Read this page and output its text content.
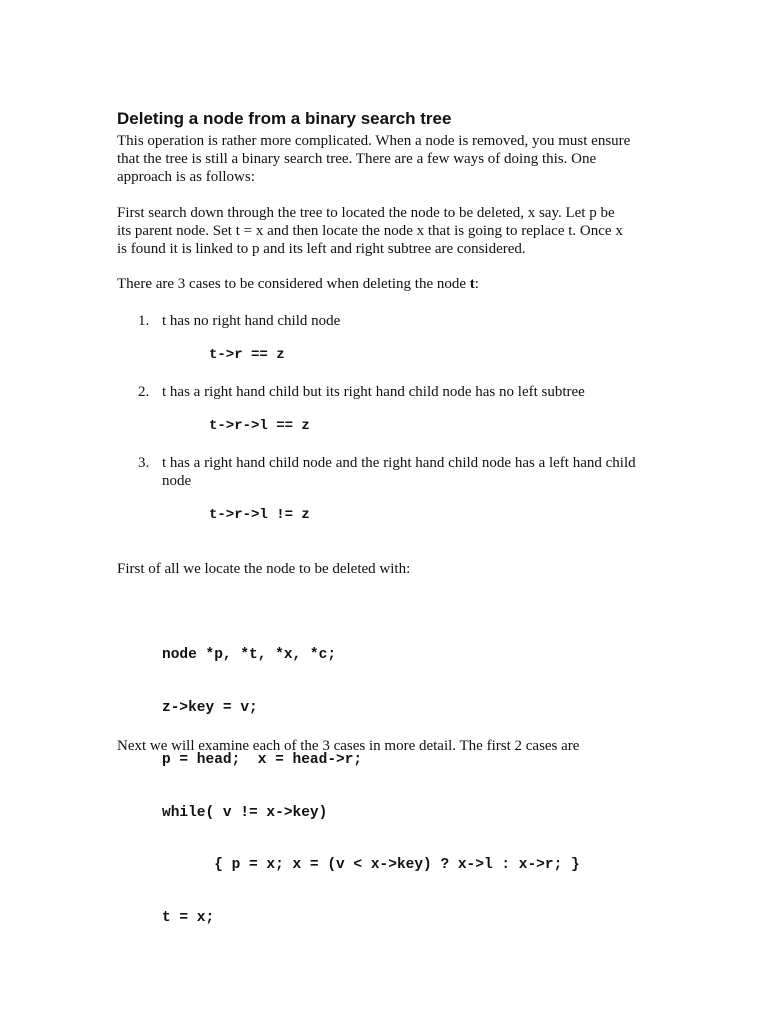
Deleting a node from a binary search tree
This operation is rather more complicated. When a node is removed, you must ensure
that the tree is still a binary search tree. There are a few ways of doing this. One
approach is as follows:
First search down through the tree to located the node to be deleted, x say. Let p be
its parent node. Set t = x and then locate the node x that is going to replace t. Once x
is found it is linked to p and its left and right subtree are considered.
There are 3 cases to be considered when deleting the node t:
1. t has no right hand child node
t->r == z
2. t has a right hand child but its right hand child node has no left subtree
t->r->l == z
3. t has a right hand child node and the right hand child node has a left hand child
node
t->r->l != z
First of all we locate the node to be deleted with:

node *p, *t, *x, *c;

z->key = v;

p = head;  x = head->r;

while( v != x->key)

{ p = x; x = (v < x->key) ? x->l : x->r; }

t = x;

Next we will examine each of the 3 cases in more detail. The first 2 cases are
